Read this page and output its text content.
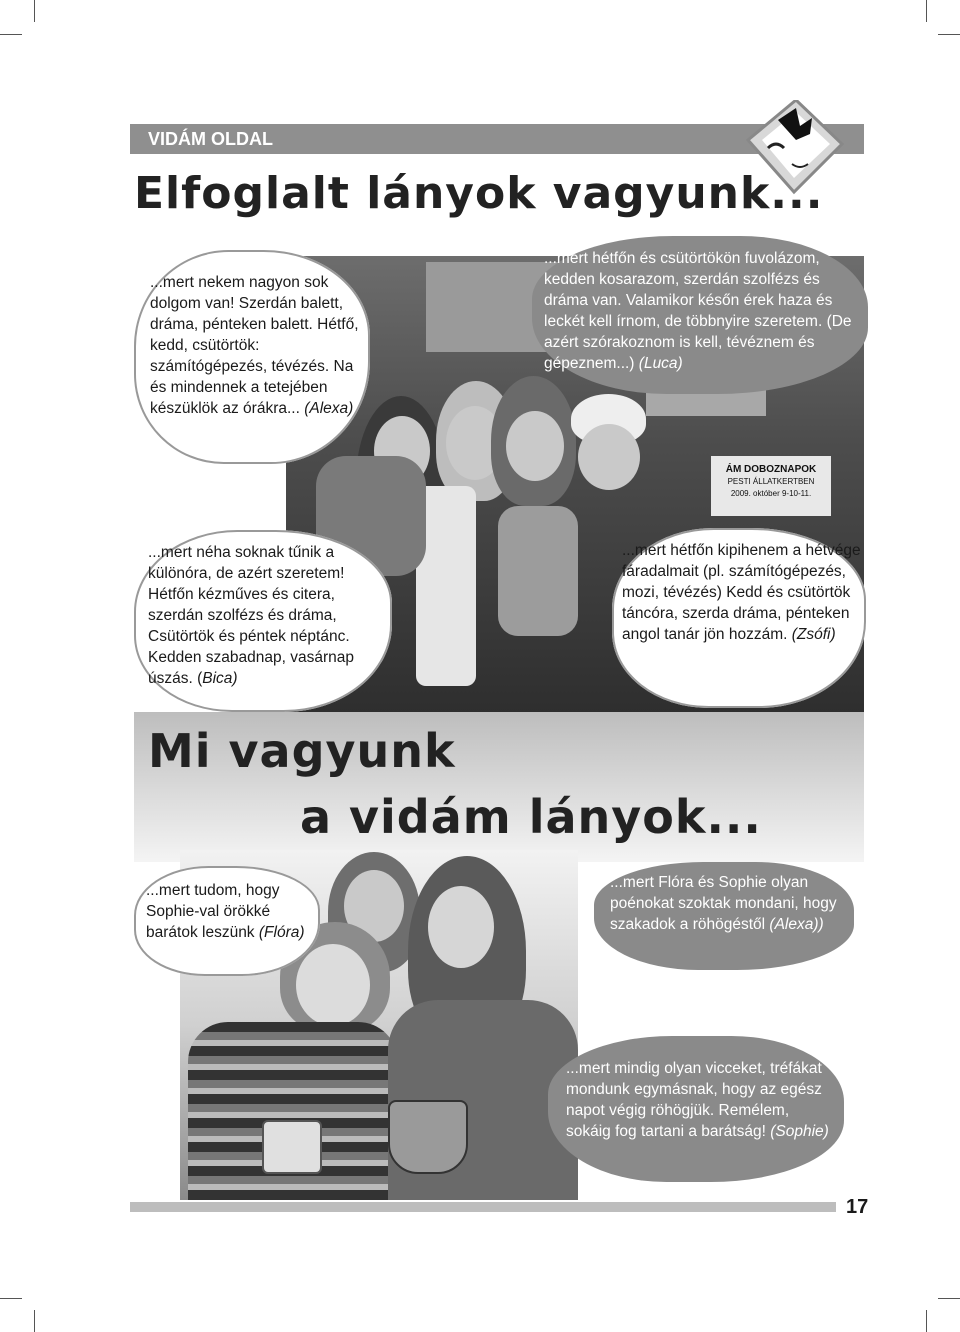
VIDÁM OLDAL
Elfoglalt lányok vagyunk...
ÁM DOBOZNAPOK
PESTI ÁLLATKERTBEN
2009. október 9-10-11.
...mert nekem nagyon sok dolgom van! Szerdán balett, dráma, pénteken balett. Hétfő, kedd, csütörtök: számítógépezés, tévézés. Na és mindennek a tetejében készüklök az órákra... (Alexa)
...mert hétfőn és csütörtökön fuvolázom, kedden kosarazom, szerdán szolfézs és dráma van. Valamikor későn érek haza és leckét kell írnom, de többnyire szeretem. (De azért szórakoznom is kell, tévéznem és gépeznem...) (Luca)
...mert néha soknak tűnik a különóra, de azért szeretem! Hétfőn kézműves és citera, szerdán szolfézs és dráma, Csütörtök és péntek néptánc. Kedden szabadnap, vasárnap úszás. (Bica)
...mert hétfőn kipihenem a hétvége fáradalmait (pl. számítógépezés, mozi, tévézés) Kedd és csütörtök táncóra, szerda dráma, pénteken angol tanár jön hozzám. (Zsófi)
Mi vagyunk
a vidám lányok...
...mert tudom, hogy Sophie-val örökké barátok leszünk (Flóra)
...mert Flóra és Sophie olyan poénokat szoktak mondani, hogy szakadok a röhögéstől (Alexa))
...mert mindig olyan vicceket, tréfákat mondunk egymásnak, hogy az egész napot végig röhögjük. Remélem, sokáig fog tartani a barátság! (Sophie)
17
